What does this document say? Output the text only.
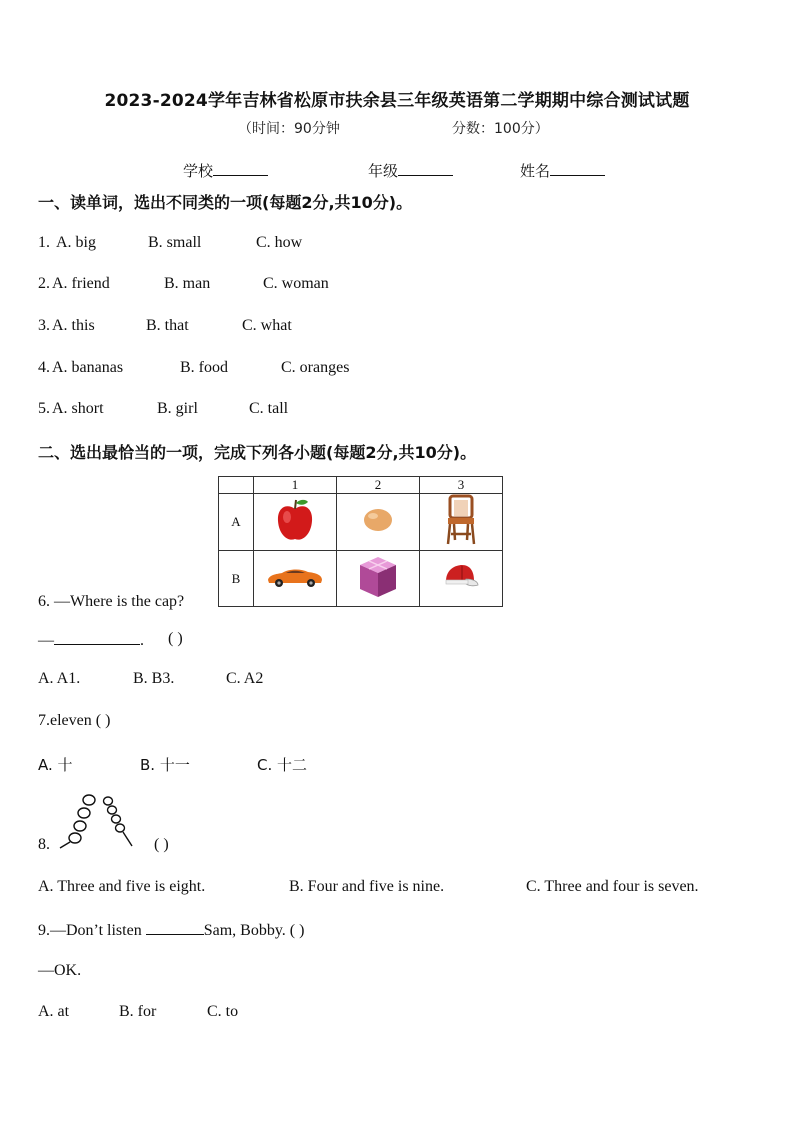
2023-2024学年吉林省松原市扶余县三年级英语第二学期期中综合测试试题
（时间：90分钟	分数：100分）
学校	年级	姓名
一、读单词，选出不同类的一项(每题2分,共10分)。
1. A. big	B. small	C. how
2. A. friend	B. man	C. woman
3. A. this	B. that	C. what
4. A. bananas	B. food	C. oranges
5. A. short	B. girl	C. tall
二、选出最恰当的一项，完成下列各小题(每题2分,共10分)。
	1	2	3
A			
B			
6. —Where is the cap?
—	. ( )
A. A1.	B. B3.	C. A2
7.eleven ( )
A. 十	B. 十一	C. 十二
8.	( )
A. Three and five is eight.	B. Four and five is nine.	C. Three and four is seven.
9.—Don’t listen	Sam, Bobby. ( )
—OK.
A. at	B. for	C. to
